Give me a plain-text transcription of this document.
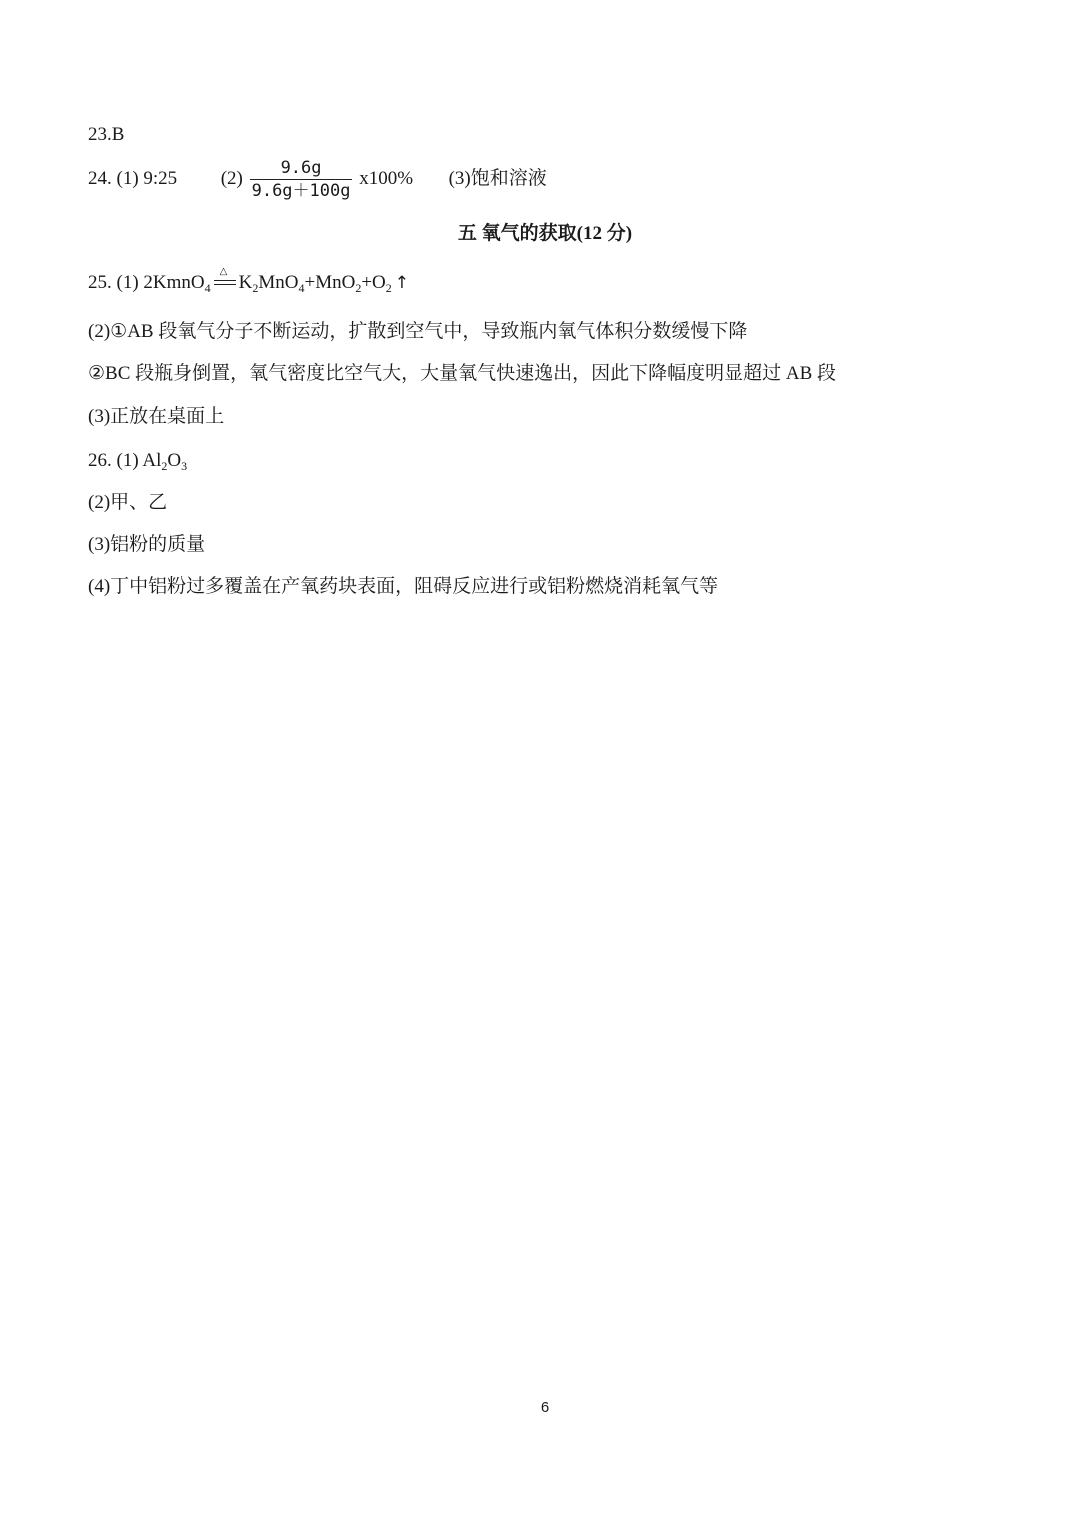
23.B
24. (1) 9:25 $(2) \frac{9.6g}{9.6g+100g} x100\%$ (3)饱和溶液
五 氧气的获取(12 分)
25. (1) 2KmnO$_4$
△
$K_2MnO_4+MnO_2+O_2$ ↑
(2)①AB 段氧气分子不断运动，扩散到空气中，导致瓶内氧气体积分数缓慢下降
②BC 段瓶身倒置，氧气密度比空气大，大量氧气快速逸出，因此下降幅度明显超过 AB 段
(3)正放在桌面上
26. (1) $Al_2O_3$
(2)甲、乙
(3)铝粉的质量
(4)丁中铝粉过多覆盖在产氧药块表面，阻碍反应进行或铝粉燃烧消耗氧气等
6
